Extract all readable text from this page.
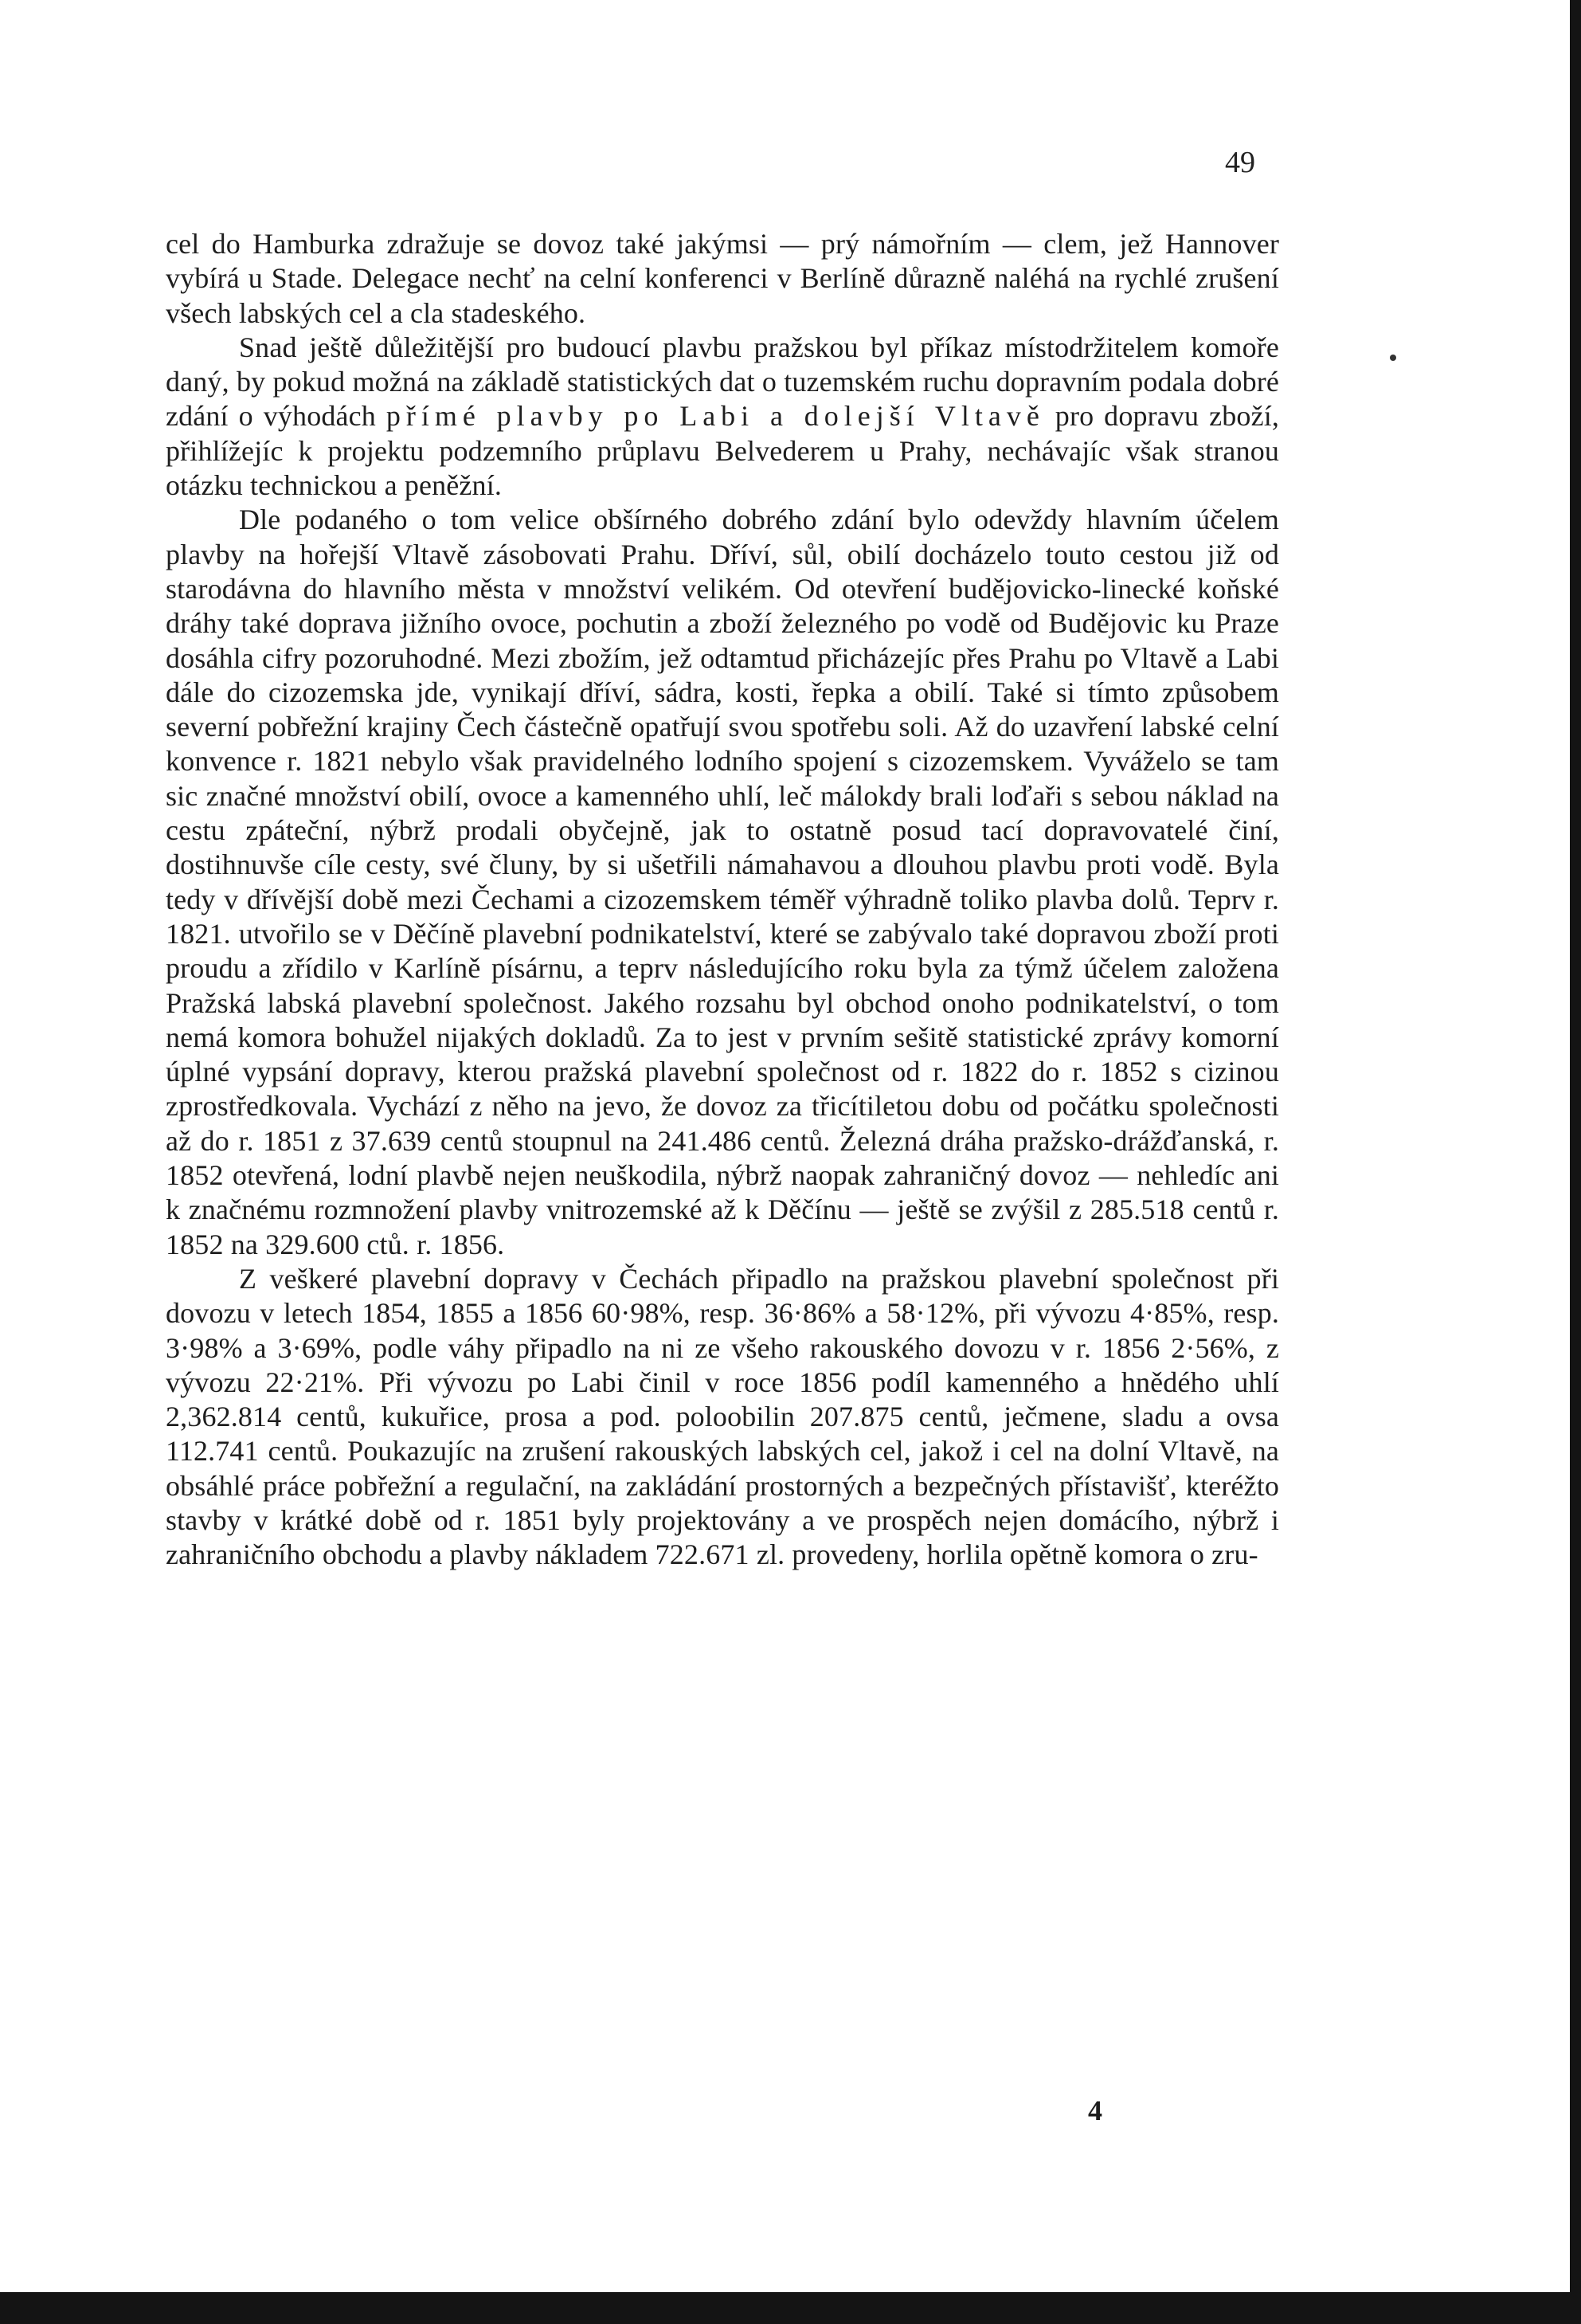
49

cel do Hamburka zdražuje se dovoz také jakýmsi — prý námořním — clem, jež Hannover vybírá u Stade. Delegace nechť na celní konferenci v Berlíně důrazně naléhá na rychlé zrušení všech labských cel a cla stadeského.

Snad ještě důležitější pro budoucí plavbu pražskou byl příkaz místodržitelem komoře daný, by pokud možná na základě statistických dat o tuzemském ruchu dopravním podala dobré zdání o výhodách přímé plavby po Labi a dolejší Vltavě pro dopravu zboží, přihlížejíc k projektu podzemního průplavu Belvederem u Prahy, nechávajíc však stranou otázku technickou a peněžní.

Dle podaného o tom velice obšírného dobrého zdání bylo odevždy hlavním účelem plavby na hořejší Vltavě zásobovati Prahu. Dříví, sůl, obilí docházelo touto cestou již od starodávna do hlavního města v množství velikém. Od otevření budějovicko-linecké koňské dráhy také doprava jižního ovoce, pochutin a zboží železného po vodě od Budějovic ku Praze dosáhla cifry pozoruhodné. Mezi zbožím, jež odtamtud přicházejíc přes Prahu po Vltavě a Labi dále do cizozemska jde, vynikají dříví, sádra, kosti, řepka a obilí. Také si tímto způsobem severní pobřežní krajiny Čech částečně opatřují svou spotřebu soli. Až do uzavření labské celní konvence r. 1821 nebylo však pravidelného lodního spojení s cizozemskem. Vyváželo se tam sic značné množství obilí, ovoce a kamenného uhlí, leč málokdy brali loďaři s sebou náklad na cestu zpáteční, nýbrž prodali obyčejně, jak to ostatně posud tací dopravovatelé činí, dostihnuvše cíle cesty, své čluny, by si ušetřili námahavou a dlouhou plavbu proti vodě. Byla tedy v dřívější době mezi Čechami a cizozemskem téměř výhradně toliko plavba dolů. Teprv r. 1821. utvořilo se v Děčíně plavební podnikatelství, které se zabývalo také dopravou zboží proti proudu a zřídilo v Karlíně písárnu, a teprv následujícího roku byla za týmž účelem založena Pražská labská plavební společnost. Jakého rozsahu byl obchod onoho podnikatelství, o tom nemá komora bohužel nijakých dokladů. Za to jest v prvním sešitě statistické zprávy komorní úplné vypsání dopravy, kterou pražská plavební společnost od r. 1822 do r. 1852 s cizinou zprostředkovala. Vychází z něho na jevo, že dovoz za třicítiletou dobu od počátku společnosti až do r. 1851 z 37.639 centů stoupnul na 241.486 centů. Železná dráha pražsko-drážďanská, r. 1852 otevřená, lodní plavbě nejen neuškodila, nýbrž naopak zahraničný dovoz — nehledíc ani k značnému rozmnožení plavby vnitrozemské až k Děčínu — ještě se zvýšil z 285.518 centů r. 1852 na 329.600 ctů. r. 1856.

Z veškeré plavební dopravy v Čechách připadlo na pražskou plavební společnost při dovozu v letech 1854, 1855 a 1856 60·98%, resp. 36·86% a 58·12%, při vývozu 4·85%, resp. 3·98% a 3·69%, podle váhy připadlo na ni ze všeho rakouského dovozu v r. 1856 2·56%, z vývozu 22·21%. Při vývozu po Labi činil v roce 1856 podíl kamenného a hnědého uhlí 2,362.814 centů, kukuřice, prosa a pod. poloobilin 207.875 centů, ječmene, sladu a ovsa 112.741 centů. Poukazujíc na zrušení rakouských labských cel, jakož i cel na dolní Vltavě, na obsáhlé práce pobřežní a regulační, na zakládání prostorných a bezpečných přístavišť, kteréžto stavby v krátké době od r. 1851 byly projektovány a ve prospěch nejen domácího, nýbrž i zahraničního obchodu a plavby nákladem 722.671 zl. provedeny, horlila opětně komora o zru-

4
